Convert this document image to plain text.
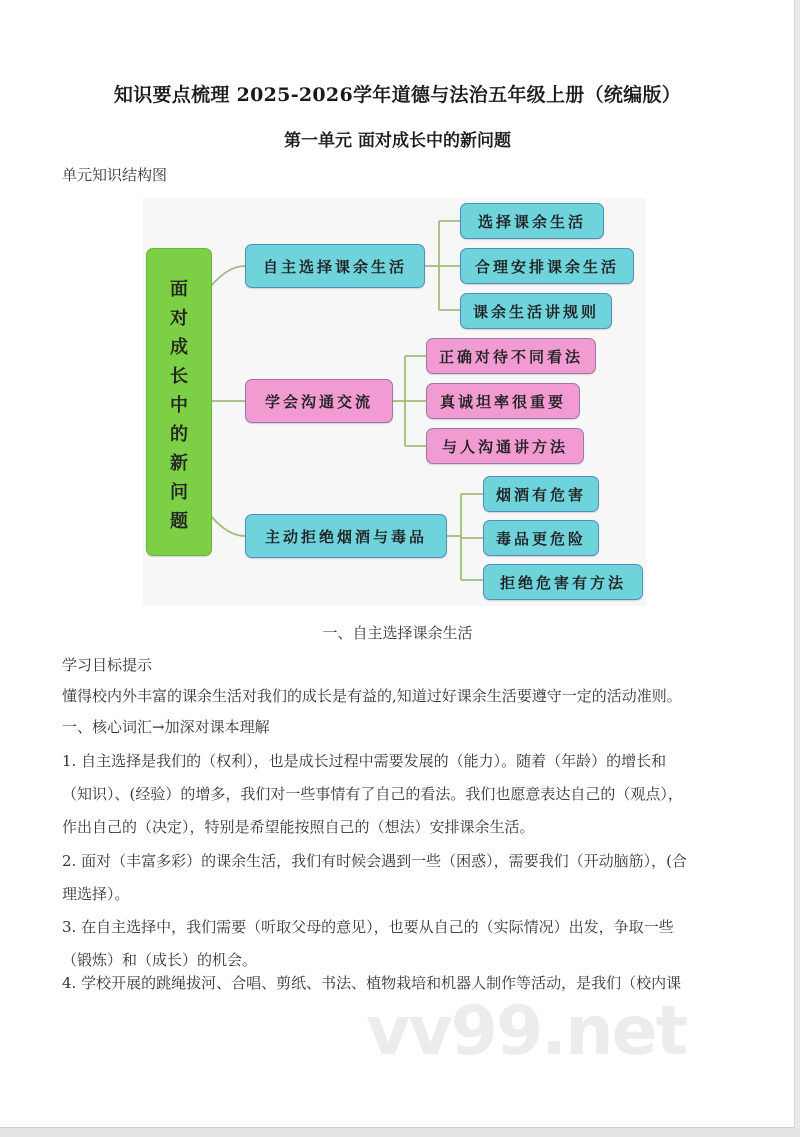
知识要点梳理 2025-2026学年道德与法治五年级上册（统编版）
第一单元 面对成长中的新问题
单元知识结构图
面
对
成
长
中
的
新
问
题
自主选择课余生活
选择课余生活
合理安排课余生活
课余生活讲规则
学会沟通交流
正确对待不同看法
真诚坦率很重要
与人沟通讲方法
主动拒绝烟酒与毒品
烟酒有危害
毒品更危险
拒绝危害有方法
一、自主选择课余生活
学习目标提示
懂得校内外丰富的课余生活对我们的成长是有益的,知道过好课余生活要遵守一定的活动准则。
一、核心词汇→加深对课本理解
1. 自主选择是我们的（权利），也是成长过程中需要发展的（能力）。随着（年龄）的增长和
（知识）、(经验）的增多，我们对一些事情有了自己的看法。我们也愿意表达自己的（观点），
作出自己的（决定），特别是希望能按照自己的（想法）安排课余生活。
2. 面对（丰富多彩）的课余生活，我们有时候会遇到一些（困惑），需要我们（开动脑筋），(合
理选择）。
3. 在自主选择中，我们需要（听取父母的意见），也要从自己的（实际情况）出发，争取一些
（锻炼）和（成长）的机会。
4. 学校开展的跳绳拔河、合唱、剪纸、书法、植物栽培和机器人制作等活动，是我们（校内课
vv99.net
